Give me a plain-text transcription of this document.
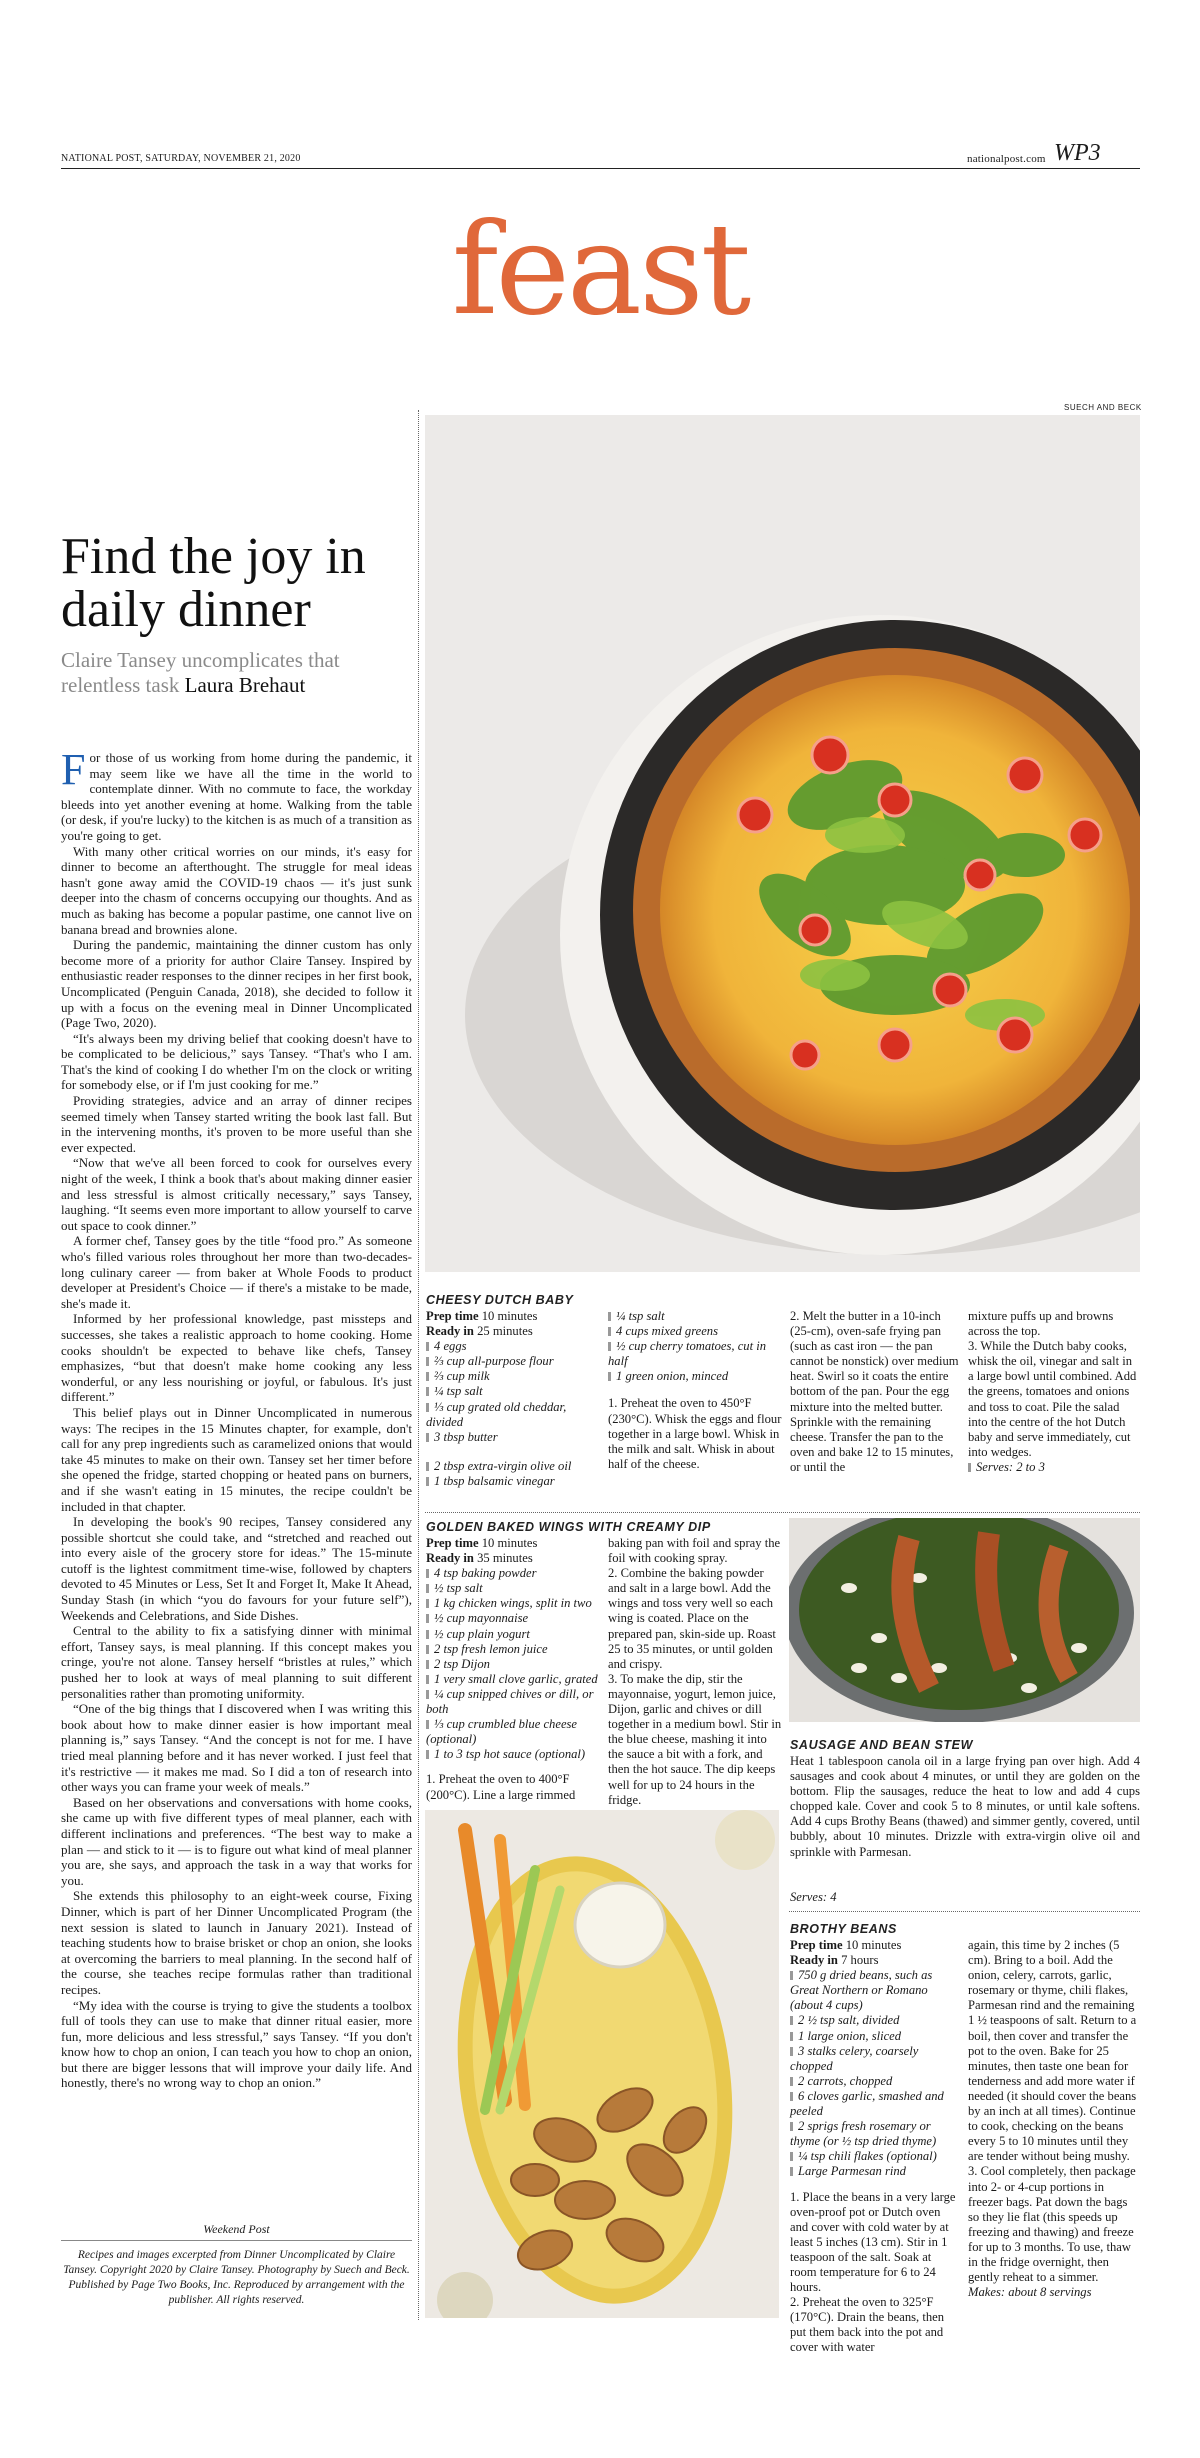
NATIONAL POST, SATURDAY, NOVEMBER 21, 2020	nationalpost.com WP3
feast
SUECH AND BECK
Find the joy in daily dinner
Claire Tansey uncomplicates that relentless task Laura Brehaut

For those of us working from home during the pandemic, it may seem like we have all the time in the world to contemplate dinner. With no commute to face, the workday bleeds into yet another evening at home. Walking from the table (or desk, if you're lucky) to the kitchen is as much of a transition as you're going to get.

With many other critical worries on our minds, it's easy for dinner to become an afterthought. The struggle for meal ideas hasn't gone away amid the COVID-19 chaos — it's just sunk deeper into the chasm of concerns occupying our thoughts. And as much as baking has become a popular pastime, one cannot live on banana bread and brownies alone.

During the pandemic, maintaining the dinner custom has only become more of a priority for author Claire Tansey. Inspired by enthusiastic reader responses to the dinner recipes in her first book, Uncomplicated (Penguin Canada, 2018), she decided to follow it up with a focus on the evening meal in Dinner Uncomplicated (Page Two, 2020).

“It's always been my driving belief that cooking doesn't have to be complicated to be delicious,” says Tansey. “That's who I am. That's the kind of cooking I do whether I'm on the clock or writing for somebody else, or if I'm just cooking for me.”

Providing strategies, advice and an array of dinner recipes seemed timely when Tansey started writing the book last fall. But in the intervening months, it's proven to be more useful than she ever expected.

“Now that we've all been forced to cook for ourselves every night of the week, I think a book that's about making dinner easier and less stressful is almost critically necessary,” says Tansey, laughing. “It seems even more important to allow yourself to carve out space to cook dinner.”

A former chef, Tansey goes by the title “food pro.” As someone who's filled various roles throughout her more than two-decades-long culinary career — from baker at Whole Foods to product developer at President's Choice — if there's a mistake to be made, she's made it.

Informed by her professional knowledge, past missteps and successes, she takes a realistic approach to home cooking. Home cooks shouldn't be expected to behave like chefs, Tansey emphasizes, “but that doesn't make home cooking any less wonderful, or any less nourishing or joyful, or fabulous. It's just different.”

This belief plays out in Dinner Uncomplicated in numerous ways: The recipes in the 15 Minutes chapter, for example, don't call for any prep ingredients such as caramelized onions that would take 45 minutes to make on their own. Tansey set her timer before she opened the fridge, started chopping or heated pans on burners, and if she wasn't eating in 15 minutes, the recipe couldn't be included in that chapter.

In developing the book's 90 recipes, Tansey considered any possible shortcut she could take, and “stretched and reached out into every aisle of the grocery store for ideas.” The 15-minute cutoff is the lightest commitment time-wise, followed by chapters devoted to 45 Minutes or Less, Set It and Forget It, Make It Ahead, Sunday Stash (in which “you do favours for your future self”), Weekends and Celebrations, and Side Dishes.

Central to the ability to fix a satisfying dinner with minimal effort, Tansey says, is meal planning. If this concept makes you cringe, you're not alone. Tansey herself “bristles at rules,” which pushed her to look at ways of meal planning to suit different personalities rather than promoting uniformity.

“One of the big things that I discovered when I was writing this book about how to make dinner easier is how important meal planning is,” says Tansey. “And the concept is not for me. I have tried meal planning before and it has never worked. I just feel that it's restrictive — it makes me mad. So I did a ton of research into other ways you can frame your week of meals.”

Based on her observations and conversations with home cooks, she came up with five different types of meal planner, each with different inclinations and preferences. “The best way to make a plan — and stick to it — is to figure out what kind of meal planner you are, she says, and approach the task in a way that works for you.

She extends this philosophy to an eight-week course, Fixing Dinner, which is part of her Dinner Uncomplicated Program (the next session is slated to launch in January 2021). Instead of teaching students how to braise brisket or chop an onion, she looks at overcoming the barriers to meal planning. In the second half of the course, she teaches recipe formulas rather than traditional recipes.

“My idea with the course is trying to give the students a toolbox full of tools they can use to make that dinner ritual easier, more fun, more delicious and less stressful,” says Tansey. “If you don't know how to chop an onion, I can teach you how to chop an onion, but there are bigger lessons that will improve your daily life. And honestly, there's no wrong way to chop an onion.”

Weekend Post
Recipes and images excerpted from Dinner Uncomplicated by Claire Tansey. Copyright 2020 by Claire Tansey. Photography by Suech and Beck. Published by Page Two Books, Inc. Reproduced by arrangement with the publisher. All rights reserved.
CHEESY DUTCH BABY
Prep time 10 minutes
Ready in 25 minutes
4 eggs
⅔ cup all-purpose flour
⅔ cup milk
¼ tsp salt
⅓ cup grated old cheddar, divided
3 tbsp butter
2 tbsp extra-virgin olive oil
1 tbsp balsamic vinegar
¼ tsp salt
4 cups mixed greens
½ cup cherry tomatoes, cut in half
1 green onion, minced
1. Preheat the oven to 450°F (230°C). Whisk the eggs and flour together in a large bowl. Whisk in the milk and salt. Whisk in about half of the cheese.
2. Melt the butter in a 10-inch (25-cm), oven-safe frying pan (such as cast iron — the pan cannot be nonstick) over medium heat. Swirl so it coats the entire bottom of the pan. Pour the egg mixture into the melted butter. Sprinkle with the remaining cheese. Transfer the pan to the oven and bake 12 to 15 minutes, or until the
mixture puffs up and browns across the top.
3. While the Dutch baby cooks, whisk the oil, vinegar and salt in a large bowl until combined. Add the greens, tomatoes and onions and toss to coat. Pile the salad into the centre of the hot Dutch baby and serve immediately, cut into wedges.
Serves: 2 to 3
GOLDEN BAKED WINGS WITH CREAMY DIP
Prep time 10 minutes
Ready in 35 minutes
4 tsp baking powder
½ tsp salt
1 kg chicken wings, split in two
½ cup mayonnaise
½ cup plain yogurt
2 tsp fresh lemon juice
2 tsp Dijon
1 very small clove garlic, grated
¼ cup snipped chives or dill, or both
⅓ cup crumbled blue cheese (optional)
1 to 3 tsp hot sauce (optional)
1. Preheat the oven to 400°F (200°C). Line a large rimmed
baking pan with foil and spray the foil with cooking spray.
2. Combine the baking powder and salt in a large bowl. Add the wings and toss very well so each wing is coated. Place on the prepared pan, skin-side up. Roast 25 to 35 minutes, or until golden and crispy.
3. To make the dip, stir the mayonnaise, yogurt, lemon juice, Dijon, garlic and chives or dill together in a medium bowl. Stir in the blue cheese, mashing it into the sauce a bit with a fork, and then the hot sauce. The dip keeps well for up to 24 hours in the fridge.
SAUSAGE AND BEAN STEW
Heat 1 tablespoon canola oil in a large frying pan over high. Add 4 sausages and cook about 4 minutes, or until they are golden on the bottom. Flip the sausages, reduce the heat to low and add 4 cups chopped kale. Cover and cook 5 to 8 minutes, or until kale softens. Add 4 cups Brothy Beans (thawed) and simmer gently, covered, until bubbly, about 10 minutes. Drizzle with extra-virgin olive oil and sprinkle with Parmesan.
Serves: 4
BROTHY BEANS
Prep time 10 minutes
Ready in 7 hours
750 g dried beans, such as Great Northern or Romano (about 4 cups)
2 ½ tsp salt, divided
1 large onion, sliced
3 stalks celery, coarsely chopped
2 carrots, chopped
6 cloves garlic, smashed and peeled
2 sprigs fresh rosemary or thyme (or ½ tsp dried thyme)
¼ tsp chili flakes (optional)
Large Parmesan rind
1. Place the beans in a very large oven-proof pot or Dutch oven and cover with cold water by at least 5 inches (13 cm). Stir in 1 teaspoon of the salt. Soak at room temperature for 6 to 24 hours.
2. Preheat the oven to 325°F (170°C). Drain the beans, then put them back into the pot and cover with water
again, this time by 2 inches (5 cm). Bring to a boil. Add the onion, celery, carrots, garlic, rosemary or thyme, chili flakes, Parmesan rind and the remaining 1 ½ teaspoons of salt. Return to a boil, then cover and transfer the pot to the oven. Bake for 25 minutes, then taste one bean for tenderness and add more water if needed (it should cover the beans by an inch at all times). Continue to cook, checking on the beans every 5 to 10 minutes until they are tender without being mushy.
3. Cool completely, then package into 2- or 4-cup portions in freezer bags. Pat down the bags so they lie flat (this speeds up freezing and thawing) and freeze for up to 3 months. To use, thaw in the fridge overnight, then gently reheat to a simmer.
Makes: about 8 servings
